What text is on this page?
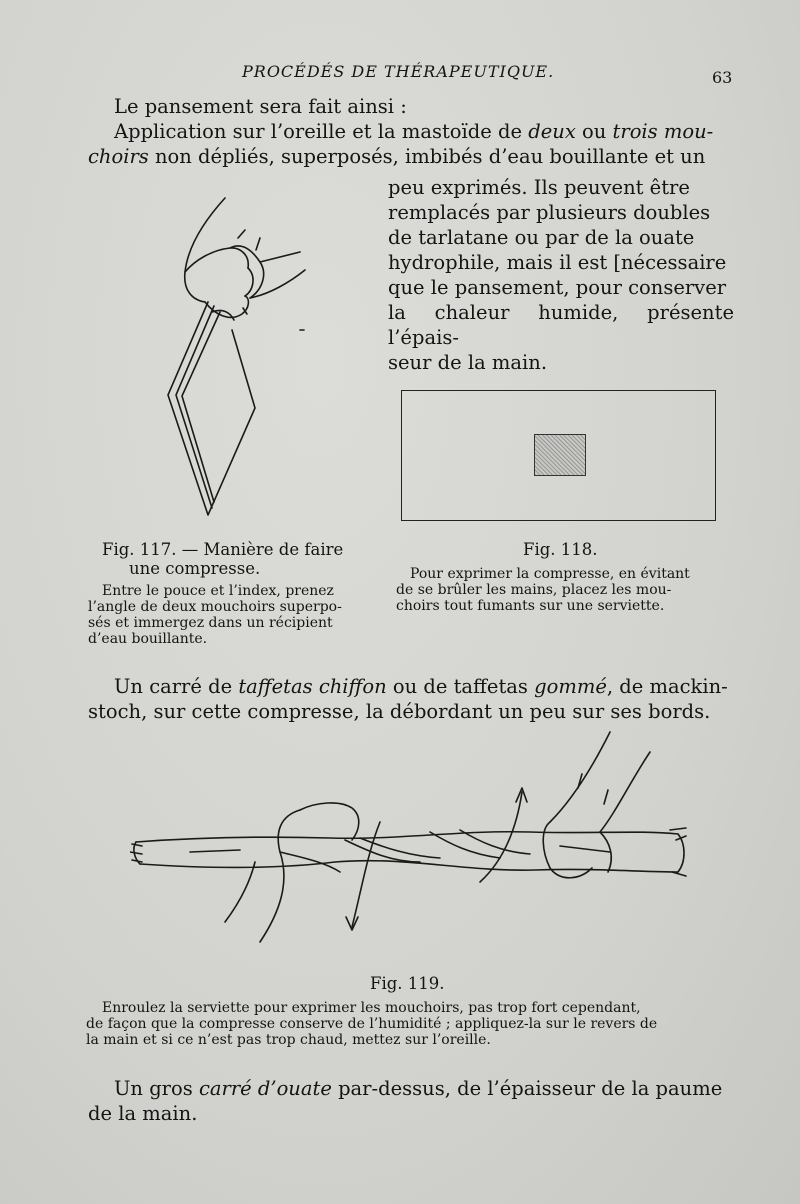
PROCÉDÉS DE THÉRAPEUTIQUE.	63
Le pansement sera fait ainsi :
Application sur l’oreille et la mastoïde de deux ou trois mou-
choirs non dépliés, superposés, imbibés d’eau bouillante et un
peu exprimés. Ils peuvent être
remplacés par plusieurs doubles
de tarlatane ou par de la ouate
hydrophile, mais il est [nécessaire
que le pansement, pour conserver
la chaleur humide, présente l’épais-
seur de la main.
Fig. 117. — Manière de faire
une compresse.
Entre le pouce et l’index, prenez
l’angle de deux mouchoirs superpo-
sés et immergez dans un récipient
d’eau bouillante.
Fig. 118.
Pour exprimer la compresse, en évitant
de se brûler les mains, placez les mou-
choirs tout fumants sur une serviette.
Un carré de taffetas chiffon ou de taffetas gommé, de mackin-
stoch, sur cette compresse, la débordant un peu sur ses bords.
Fig. 119.
Enroulez la serviette pour exprimer les mouchoirs, pas trop fort cependant,
de façon que la compresse conserve de l’humidité ; appliquez-la sur le revers de
la main et si ce n’est pas trop chaud, mettez sur l’oreille.
Un gros carré d’ouate par-dessus, de l’épaisseur de la paume
de la main.
